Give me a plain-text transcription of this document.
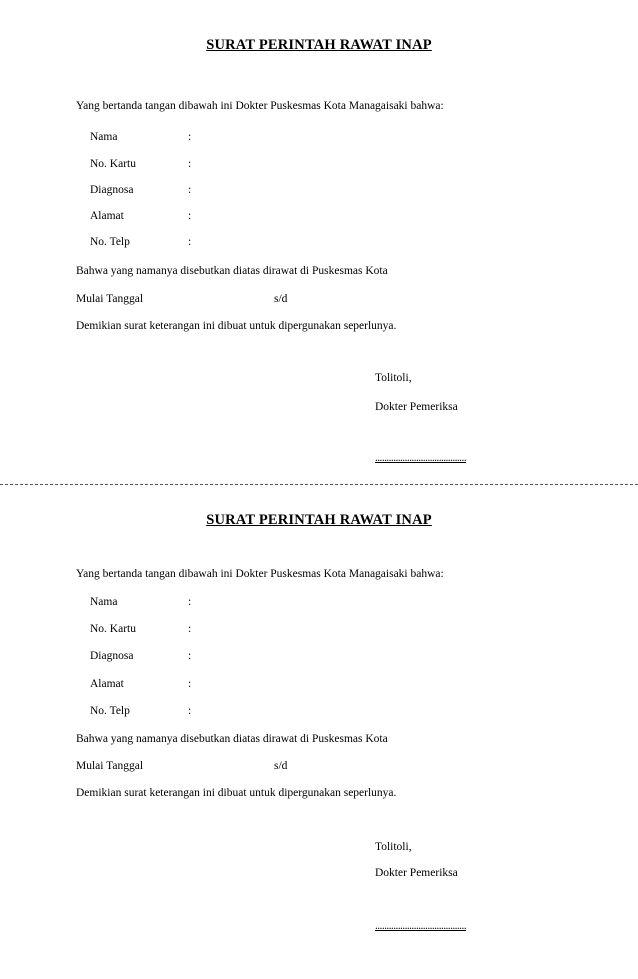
SURAT PERINTAH RAWAT INAP
Yang bertanda tangan dibawah ini Dokter Puskesmas Kota Managaisaki bahwa:
Nama	:
No. Kartu	:
Diagnosa	:
Alamat	:
No. Telp	:
Bahwa yang namanya disebutkan diatas dirawat di Puskesmas Kota
Mulai Tanggal	s/d
Demikian surat keterangan ini dibuat untuk dipergunakan seperlunya.
Tolitoli,
Dokter Pemeriksa
........................................
SURAT PERINTAH RAWAT INAP
Yang bertanda tangan dibawah ini Dokter Puskesmas Kota Managaisaki bahwa:
Nama	:
No. Kartu	:
Diagnosa	:
Alamat	:
No. Telp	:
Bahwa yang namanya disebutkan diatas dirawat di Puskesmas Kota
Mulai Tanggal	s/d
Demikian surat keterangan ini dibuat untuk dipergunakan seperlunya.
Tolitoli,
Dokter Pemeriksa
........................................
